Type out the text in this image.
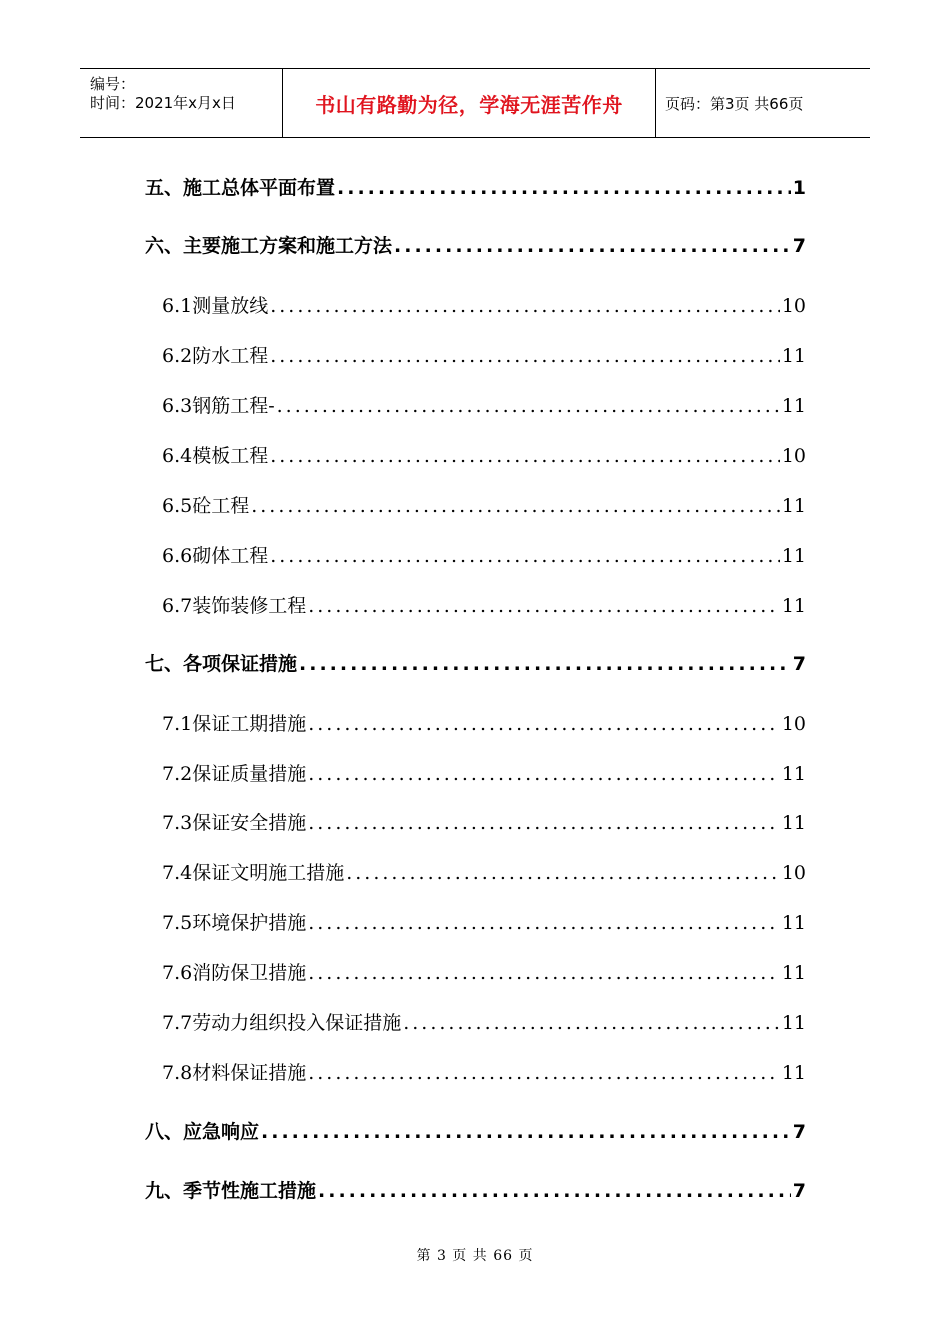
编号：
时间：2021年x月x日	书山有路勤为径，学海无涯苦作舟	页码：第3页 共66页
五、施工总体平面布置 .....	1
六、主要施工方案和施工方法 .....	7
6.1测量放线 .....	10
6.2防水工程 .....	11
6.3钢筋工程- .....	11
6.4模板工程 .....	10
6.5砼工程 .....	11
6.6砌体工程 .....	11
6.7装饰装修工程 .....	11
七、各项保证措施 .....	7
7.1保证工期措施 .....	10
7.2保证质量措施 .....	11
7.3保证安全措施 .....	11
7.4保证文明施工措施 .....	10
7.5环境保护措施 .....	11
7.6消防保卫措施 .....	11
7.7劳动力组织投入保证措施 .....	11
7.8材料保证措施 .....	11
八、应急响应 .....	7
九、季节性施工措施 .....	7
第 3 页 共 66 页
